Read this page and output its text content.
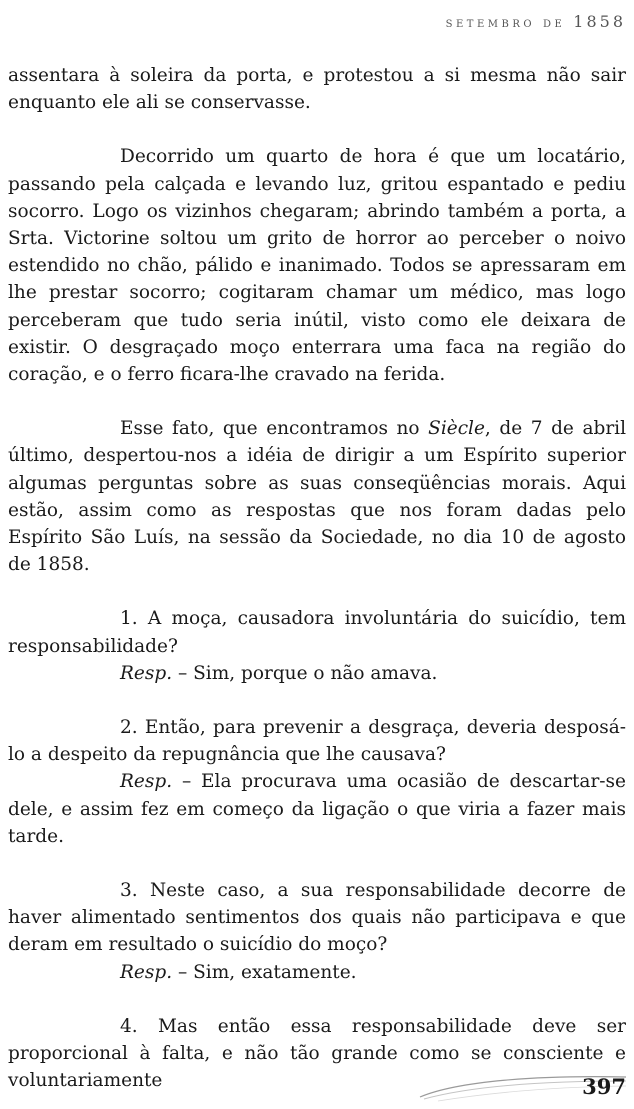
setembro de 1858

assentara à soleira da porta, e protestou a si mesma não sair enquanto ele ali se conservasse.

Decorrido um quarto de hora é que um locatário, passando pela calçada e levando luz, gritou espantado e pediu socorro. Logo os vizinhos chegaram; abrindo também a porta, a Srta. Victorine soltou um grito de horror ao perceber o noivo estendido no chão, pálido e inanimado. Todos se apressaram em lhe prestar socorro; cogitaram chamar um médico, mas logo perceberam que tudo seria inútil, visto como ele deixara de existir. O desgraçado moço enterrara uma faca na região do coração, e o ferro ficara-lhe cravado na ferida.

Esse fato, que encontramos no Siècle, de 7 de abril último, despertou-nos a idéia de dirigir a um Espírito superior algumas perguntas sobre as suas conseqüências morais. Aqui estão, assim como as respostas que nos foram dadas pelo Espírito São Luís, na sessão da Sociedade, no dia 10 de agosto de 1858.

1. A moça, causadora involuntária do suicídio, tem responsabilidade?

Resp. – Sim, porque o não amava.

2. Então, para prevenir a desgraça, deveria desposá-lo a despeito da repugnância que lhe causava?

Resp. – Ela procurava uma ocasião de descartar-se dele, e assim fez em começo da ligação o que viria a fazer mais tarde.

3. Neste caso, a sua responsabilidade decorre de haver alimentado sentimentos dos quais não participava e que deram em resultado o suicídio do moço?

Resp. – Sim, exatamente.

4. Mas então essa responsabilidade deve ser proporcional à falta, e não tão grande como se consciente e voluntariamente	397
